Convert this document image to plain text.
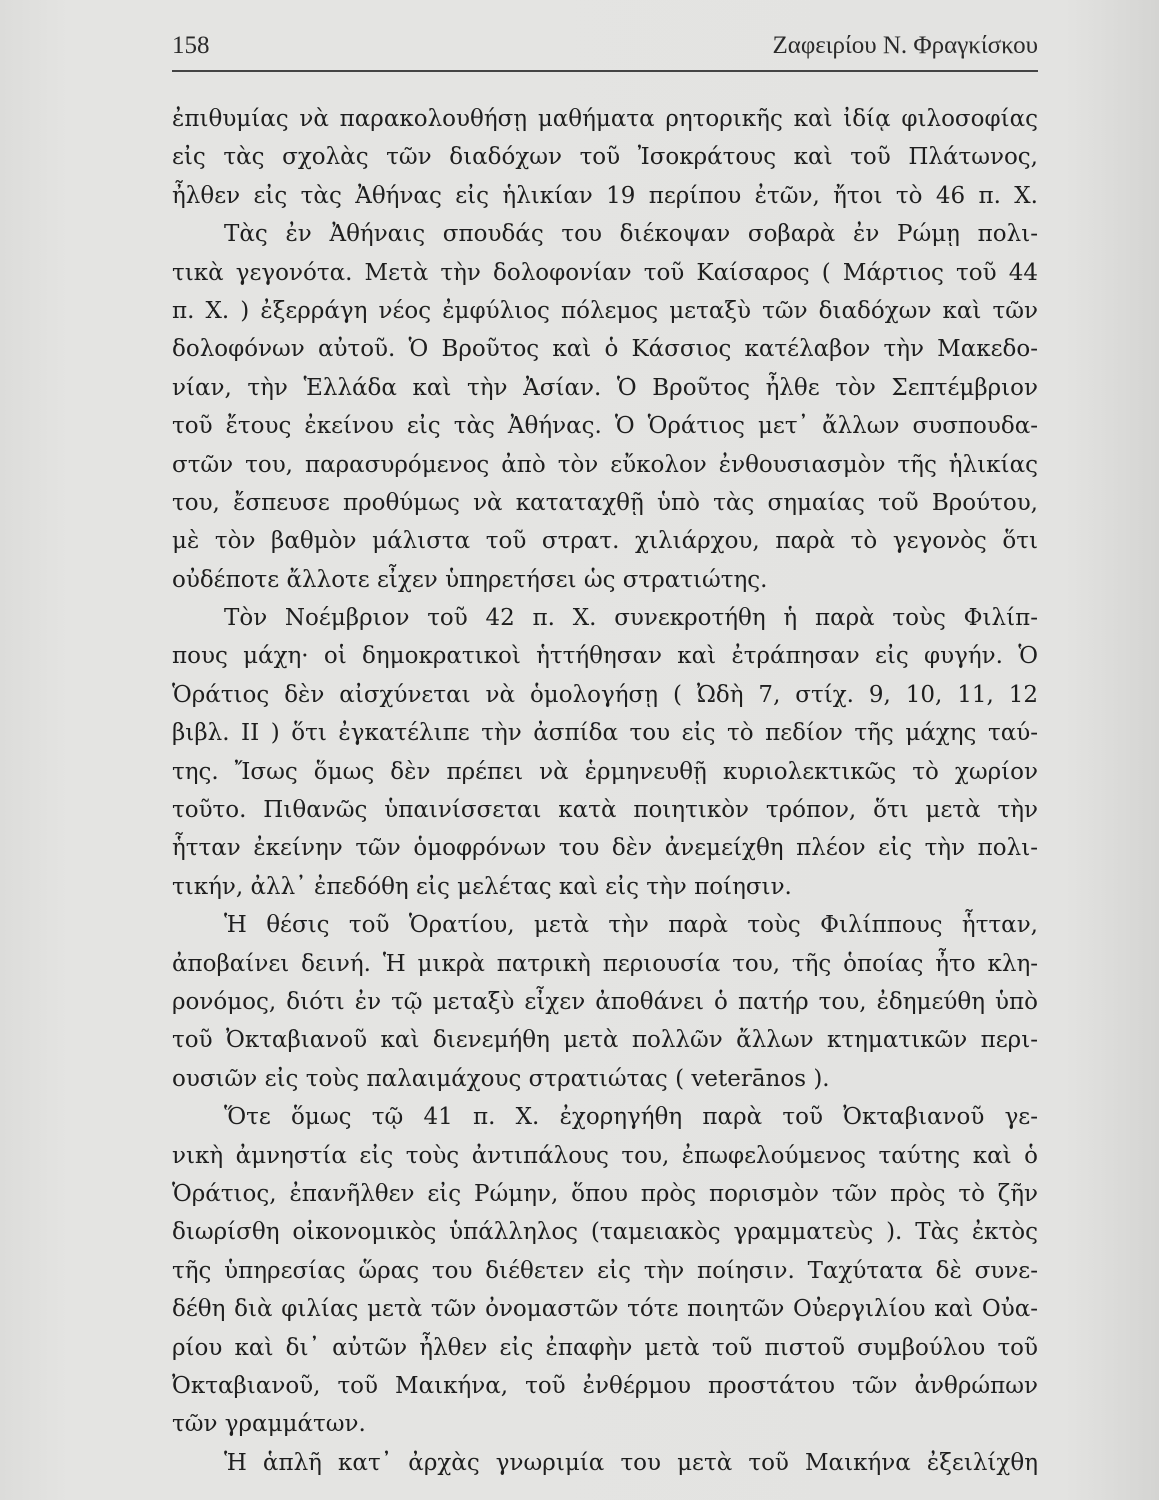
158	Ζαφειρίου Ν. Φραγκίσκου
ἐπιθυμίας νὰ παρακολουθήσῃ μαθήματα ρητορικῆς καὶ ἰδίᾳ φιλοσοφίας
εἰς τὰς σχολὰς τῶν διαδόχων τοῦ Ἰσοκράτους καὶ τοῦ Πλάτωνος,
ἦλθεν εἰς τὰς Ἀθήνας εἰς ἡλικίαν 19 περίπου ἐτῶν, ἤτοι τὸ 46 π. Χ.
Τὰς ἐν Ἀθήναις σπουδάς του διέκοψαν σοβαρὰ ἐν Ρώμῃ πολι-
τικὰ γεγονότα. Μετὰ τὴν δολοφονίαν τοῦ Καίσαρος ( Μάρτιος τοῦ 44
π. Χ. ) ἐξερράγη νέος ἐμφύλιος πόλεμος μεταξὺ τῶν διαδόχων καὶ τῶν
δολοφόνων αὐτοῦ. Ὁ Βροῦτος καὶ ὁ Κάσσιος κατέλαβον τὴν Μακεδο-
νίαν, τὴν Ἑλλάδα καὶ τὴν Ἀσίαν. Ὁ Βροῦτος ἦλθε τὸν Σεπτέμβριον
τοῦ ἔτους ἐκείνου εἰς τὰς Ἀθήνας. Ὁ Ὁράτιος μετ᾽ ἄλλων συσπουδα-
στῶν του, παρασυρόμενος ἀπὸ τὸν εὔκολον ἐνθουσιασμὸν τῆς ἡλικίας
του, ἔσπευσε προθύμως νὰ καταταχθῇ ὑπὸ τὰς σημαίας τοῦ Βρούτου,
μὲ τὸν βαθμὸν μάλιστα τοῦ στρατ. χιλιάρχου, παρὰ τὸ γεγονὸς ὅτι
οὐδέποτε ἄλλοτε εἶχεν ὑπηρετήσει ὡς στρατιώτης.
Τὸν Νοέμβριον τοῦ 42 π. Χ. συνεκροτήθη ἡ παρὰ τοὺς Φιλίπ-
πους μάχη· οἱ δημοκρατικοὶ ἡττήθησαν καὶ ἐτράπησαν εἰς φυγήν. Ὁ
Ὁράτιος δὲν αἰσχύνεται νὰ ὁμολογήσῃ ( Ὠδὴ 7, στίχ. 9, 10, 11, 12
βιβλ. ΙΙ ) ὅτι ἐγκατέλιπε τὴν ἀσπίδα του εἰς τὸ πεδίον τῆς μάχης ταύ-
της. Ἴσως ὅμως δὲν πρέπει νὰ ἑρμηνευθῇ κυριολεκτικῶς τὸ χωρίον
τοῦτο. Πιθανῶς ὑπαινίσσεται κατὰ ποιητικὸν τρόπον, ὅτι μετὰ τὴν
ἧτταν ἐκείνην τῶν ὁμοφρόνων του δὲν ἀνεμείχθη πλέον εἰς τὴν πολι-
τικήν, ἀλλ᾽ ἐπεδόθη εἰς μελέτας καὶ εἰς τὴν ποίησιν.
Ἡ θέσις τοῦ Ὁρατίου, μετὰ τὴν παρὰ τοὺς Φιλίππους ἧτταν,
ἀποβαίνει δεινή. Ἡ μικρὰ πατρικὴ περιουσία του, τῆς ὁποίας ἦτο κλη-
ρονόμος, διότι ἐν τῷ μεταξὺ εἶχεν ἀποθάνει ὁ πατήρ του, ἐδημεύθη ὑπὸ
τοῦ Ὀκταβιανοῦ καὶ διενεμήθη μετὰ πολλῶν ἄλλων κτηματικῶν περι-
ουσιῶν εἰς τοὺς παλαιμάχους στρατιώτας ( veterānos ).
Ὅτε ὅμως τῷ 41 π. Χ. ἐχορηγήθη παρὰ τοῦ Ὀκταβιανοῦ γε-
νικὴ ἀμνηστία εἰς τοὺς ἀντιπάλους του, ἐπωφελούμενος ταύτης καὶ ὁ
Ὁράτιος, ἐπανῆλθεν εἰς Ρώμην, ὅπου πρὸς πορισμὸν τῶν πρὸς τὸ ζῆν
διωρίσθη οἰκονομικὸς ὑπάλληλος (ταμειακὸς γραμματεὺς ). Τὰς ἐκτὸς
τῆς ὑπηρεσίας ὥρας του διέθετεν εἰς τὴν ποίησιν. Ταχύτατα δὲ συνε-
δέθη διὰ φιλίας μετὰ τῶν ὀνομαστῶν τότε ποιητῶν Οὐεργιλίου καὶ Οὐα-
ρίου καὶ δι᾽ αὐτῶν ἦλθεν εἰς ἐπαφὴν μετὰ τοῦ πιστοῦ συμβούλου τοῦ
Ὀκταβιανοῦ, τοῦ Μαικήνα, τοῦ ἐνθέρμου προστάτου τῶν ἀνθρώπων
τῶν γραμμάτων.
Ἡ ἁπλῆ κατ᾽ ἀρχὰς γνωριμία του μετὰ τοῦ Μαικήνα ἐξειλίχθη
